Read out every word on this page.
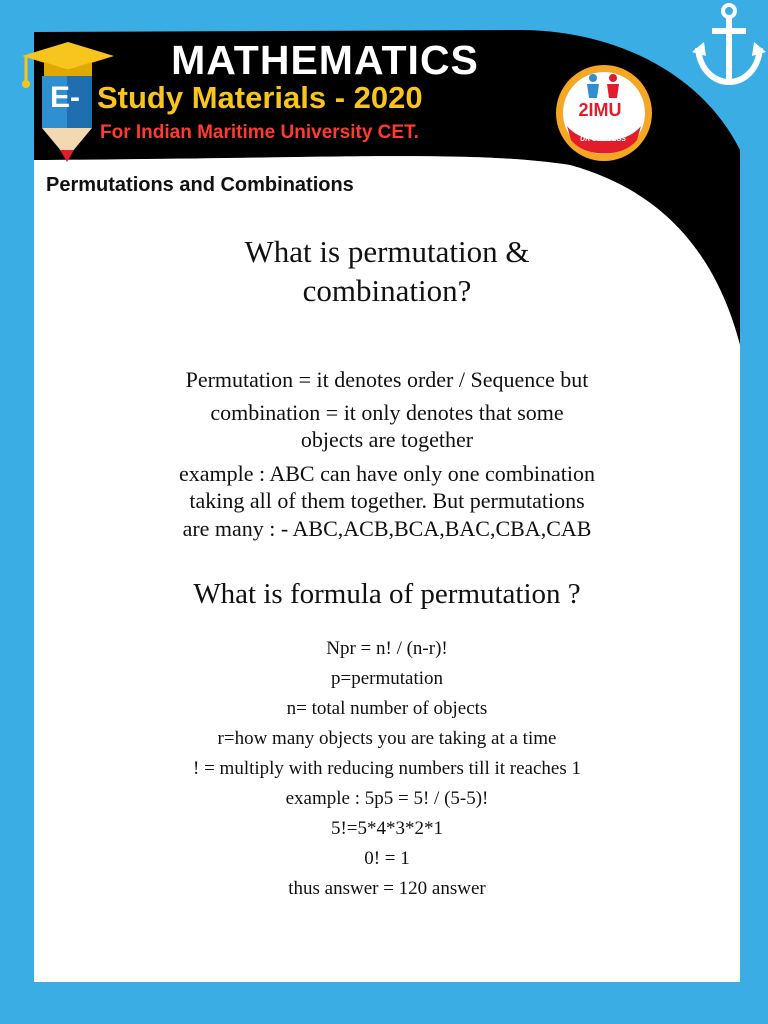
E-
MATHEMATICS
Study Materials - 2020
For Indian Maritime University CET.
2IMU
COMMITTED TO
UR SUCCESS
Permutations and Combinations
What is permutation &
combination?
Permutation = it denotes order / Sequence but
combination = it only denotes that some
objects are together
example : ABC can have only one combination
taking all of them together. But permutations
are many : - ABC,ACB,BCA,BAC,CBA,CAB
What is formula of permutation ?
Npr = n! / (n-r)!
p=permutation
n= total number of objects
r=how many objects you are taking at a time
! = multiply with reducing numbers till it reaches 1
example : 5p5 = 5! / (5-5)!
5!=5*4*3*2*1
0! = 1
thus answer = 120 answer
